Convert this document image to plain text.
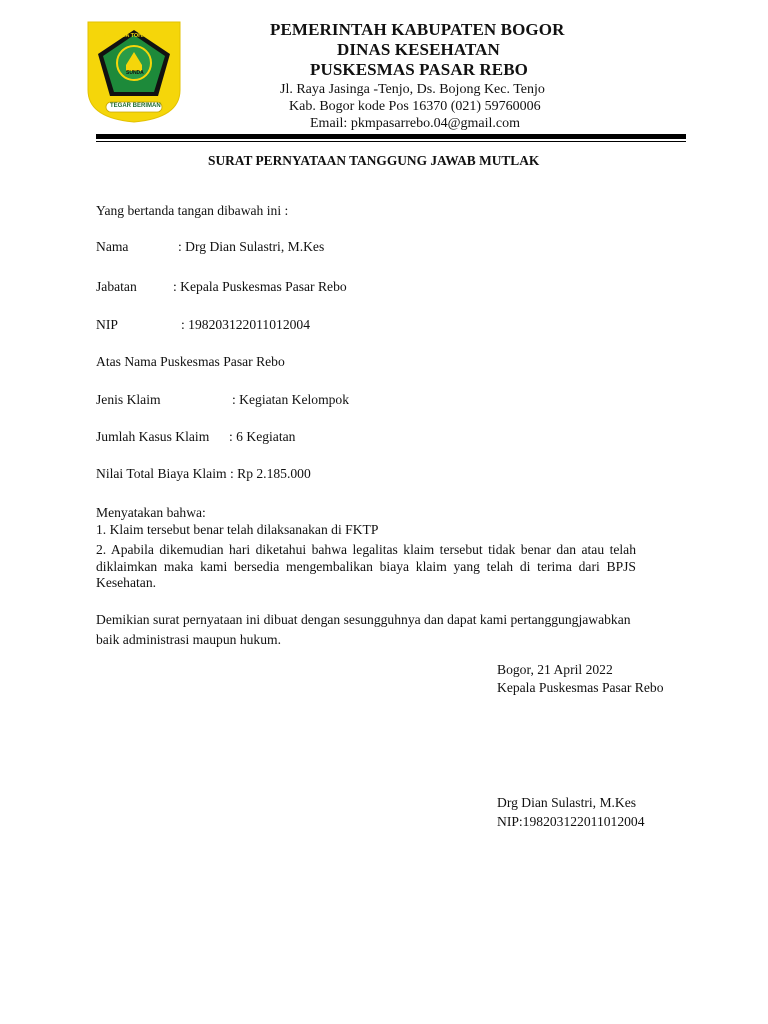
PRAYOGA TOHAYA
SUNDA
TEGAR BERIMAN
PEMERINTAH KABUPATEN BOGOR
DINAS KESEHATAN
PUSKESMAS PASAR REBO
Jl. Raya Jasinga -Tenjo, Ds. Bojong Kec. Tenjo
Kab. Bogor kode Pos 16370 (021) 59760006
Email: pkmpasarrebo.04@gmail.com
SURAT PERNYATAAN TANGGUNG JAWAB MUTLAK
Yang bertanda tangan dibawah ini :
Nama	: Drg Dian Sulastri, M.Kes
Jabatan	: Kepala Puskesmas Pasar Rebo
NIP	: 198203122011012004
Atas Nama Puskesmas Pasar Rebo
Jenis Klaim	: Kegiatan Kelompok
Jumlah Kasus Klaim : 6 Kegiatan
Nilai Total Biaya Klaim : Rp 2.185.000
Menyatakan bahwa:
1. Klaim tersebut benar telah dilaksanakan di FKTP
2. Apabila dikemudian hari diketahui bahwa legalitas klaim tersebut tidak benar dan atau telah
diklaimkan maka kami bersedia mengembalikan biaya klaim yang telah di terima dari BPJS
Kesehatan.
Demikian surat pernyataan ini dibuat dengan sesungguhnya dan dapat kami pertanggungjawabkan
baik administrasi maupun hukum.
Bogor, 21 April 2022
Kepala Puskesmas Pasar Rebo
Drg Dian Sulastri, M.Kes
NIP:198203122011012004
